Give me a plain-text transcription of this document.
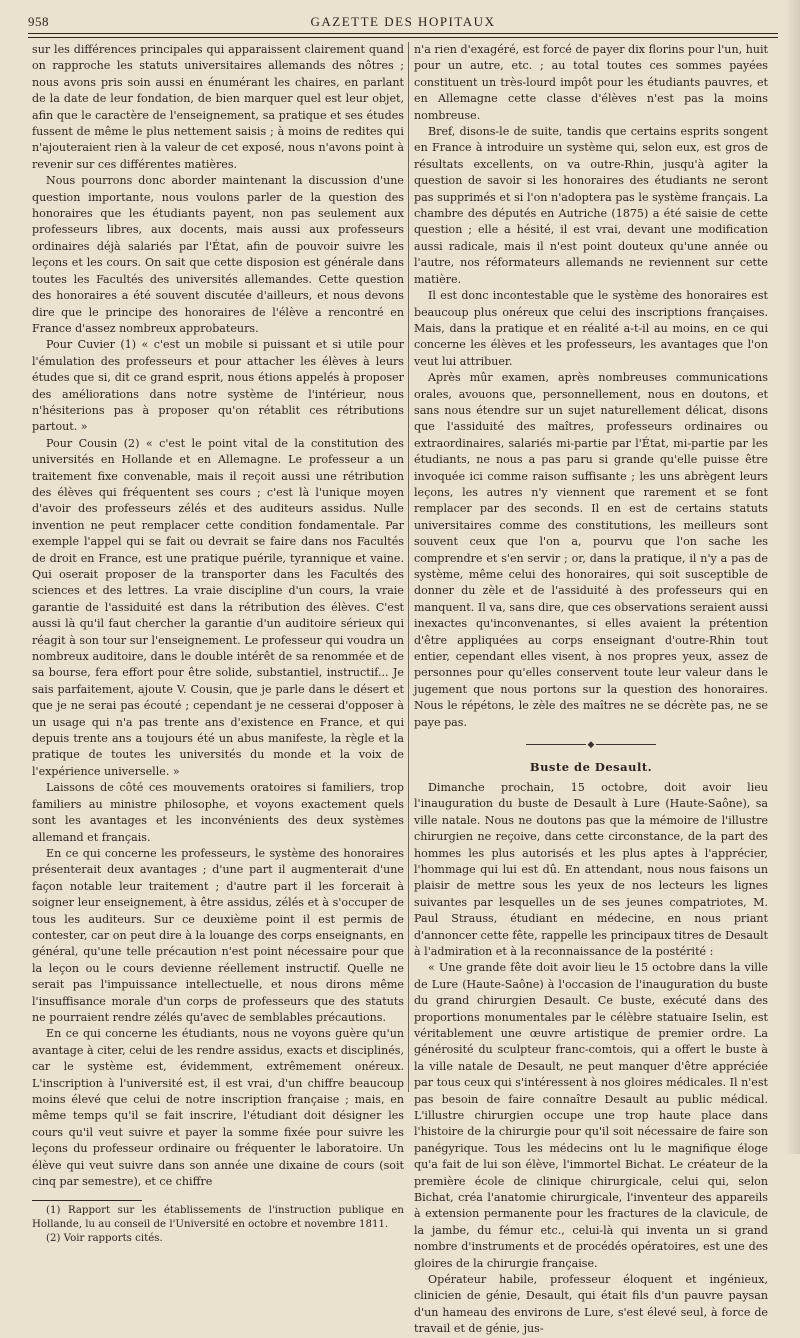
958	GAZETTE DES HOPITAUX

sur les différences principales qui apparaissent clairement quand on rapproche les statuts universitaires allemands des nôtres ; nous avons pris soin aussi en énumérant les chaires, en parlant de la date de leur fondation, de bien marquer quel est leur objet, afin que le caractère de l'enseignement, sa pratique et ses études fussent de même le plus nettement saisis ; à moins de redites qui n'ajouteraient rien à la valeur de cet exposé, nous n'avons point à revenir sur ces différentes matières.

Nous pourrons donc aborder maintenant la discussion d'une question importante, nous voulons parler de la question des honoraires que les étudiants payent, non pas seulement aux professeurs libres, aux docents, mais aussi aux professeurs ordinaires déjà salariés par l'État, afin de pouvoir suivre les leçons et les cours. On sait que cette disposion est générale dans toutes les Facultés des universités allemandes. Cette question des honoraires a été souvent discutée d'ailleurs, et nous devons dire que le principe des honoraires de l'élève a rencontré en France d'assez nombreux approbateurs.

Pour Cuvier (1) « c'est un mobile si puissant et si utile pour l'émulation des professeurs et pour attacher les élèves à leurs études que si, dit ce grand esprit, nous étions appelés à proposer des améliorations dans notre système de l'intérieur, nous n'hésiterions pas à proposer qu'on rétablit ces rétributions partout. »

Pour Cousin (2) « c'est le point vital de la constitution des universités en Hollande et en Allemagne. Le professeur a un traitement fixe convenable, mais il reçoit aussi une rétribution des élèves qui fréquentent ses cours ; c'est là l'unique moyen d'avoir des professeurs zélés et des auditeurs assidus. Nulle invention ne peut remplacer cette condition fondamentale. Par exemple l'appel qui se fait ou devrait se faire dans nos Facultés de droit en France, est une pratique puérile, tyrannique et vaine. Qui oserait proposer de la transporter dans les Facultés des sciences et des lettres. La vraie discipline d'un cours, la vraie garantie de l'assiduité est dans la rétribution des élèves. C'est aussi là qu'il faut chercher la garantie d'un auditoire sérieux qui réagit à son tour sur l'enseignement. Le professeur qui voudra un nombreux auditoire, dans le double intérêt de sa renommée et de sa bourse, fera effort pour être solide, substantiel, instructif... Je sais parfaitement, ajoute V. Cousin, que je parle dans le désert et que je ne serai pas écouté ; cependant je ne cesserai d'opposer à un usage qui n'a pas trente ans d'existence en France, et qui depuis trente ans a toujours été un abus manifeste, la règle et la pratique de toutes les universités du monde et la voix de l'expérience universelle. »

Laissons de côté ces mouvements oratoires si familiers, trop familiers au ministre philosophe, et voyons exactement quels sont les avantages et les inconvénients des deux systèmes allemand et français.

En ce qui concerne les professeurs, le système des honoraires présenterait deux avantages ; d'une part il augmenterait d'une façon notable leur traitement ; d'autre part il les forcerait à soigner leur enseignement, à être assidus, zélés et à s'occuper de tous les auditeurs. Sur ce deuxième point il est permis de contester, car on peut dire à la louange des corps enseignants, en général, qu'une telle précaution n'est point nécessaire pour que la leçon ou le cours devienne réellement instructif. Quelle ne serait pas l'impuissance intellectuelle, et nous dirons même l'insuffisance morale d'un corps de professeurs que des statuts ne pourraient rendre zélés qu'avec de semblables précautions.

En ce qui concerne les étudiants, nous ne voyons guère qu'un avantage à citer, celui de les rendre assidus, exacts et disciplinés, car le système est, évidemment, extrêmement onéreux. L'inscription à l'université est, il est vrai, d'un chiffre beaucoup moins élevé que celui de notre inscription française ; mais, en même temps qu'il se fait inscrire, l'étudiant doit désigner les cours qu'il veut suivre et payer la somme fixée pour suivre les leçons du professeur ordinaire ou fréquenter le laboratoire. Un élève qui veut suivre dans son année une dixaine de cours (soit cinq par semestre), et ce chiffre

(1) Rapport sur les établissements de l'instruction publique en Hollande, lu au conseil de l'Université en octobre et novembre 1811.

(2) Voir rapports cités.

n'a rien d'exagéré, est forcé de payer dix florins pour l'un, huit pour un autre, etc. ; au total toutes ces sommes payées constituent un très-lourd impôt pour les étudiants pauvres, et en Allemagne cette classe d'élèves n'est pas la moins nombreuse.

Bref, disons-le de suite, tandis que certains esprits songent en France à introduire un système qui, selon eux, est gros de résultats excellents, on va outre-Rhin, jusqu'à agiter la question de savoir si les honoraires des étudiants ne seront pas supprimés et si l'on n'adoptera pas le système français. La chambre des députés en Autriche (1875) a été saisie de cette question ; elle a hésité, il est vrai, devant une modification aussi radicale, mais il n'est point douteux qu'une année ou l'autre, nos réformateurs allemands ne reviennent sur cette matière.

Il est donc incontestable que le système des honoraires est beaucoup plus onéreux que celui des inscriptions françaises. Mais, dans la pratique et en réalité a-t-il au moins, en ce qui concerne les élèves et les professeurs, les avantages que l'on veut lui attribuer.

Après mûr examen, après nombreuses communications orales, avouons que, personnellement, nous en doutons, et sans nous étendre sur un sujet naturellement délicat, disons que l'assiduité des maîtres, professeurs ordinaires ou extraordinaires, salariés mi-partie par l'État, mi-partie par les étudiants, ne nous a pas paru si grande qu'elle puisse être invoquée ici comme raison suffisante ; les uns abrègent leurs leçons, les autres n'y viennent que rarement et se font remplacer par des seconds. Il en est de certains statuts universitaires comme des constitutions, les meilleurs sont souvent ceux que l'on a, pourvu que l'on sache les comprendre et s'en servir ; or, dans la pratique, il n'y a pas de système, même celui des honoraires, qui soit susceptible de donner du zèle et de l'assiduité à des professeurs qui en manquent. Il va, sans dire, que ces observations seraient aussi inexactes qu'inconvenantes, si elles avaient la prétention d'être appliquées au corps enseignant d'outre-Rhin tout entier, cependant elles visent, à nos propres yeux, assez de personnes pour qu'elles conservent toute leur valeur dans le jugement que nous portons sur la question des honoraires. Nous le répétons, le zèle des maîtres ne se décrète pas, ne se paye pas.

◆
Buste de Desault.

Dimanche prochain, 15 octobre, doit avoir lieu l'inauguration du buste de Desault à Lure (Haute-Saône), sa ville natale. Nous ne doutons pas que la mémoire de l'illustre chirurgien ne reçoive, dans cette circonstance, de la part des hommes les plus autorisés et les plus aptes à l'apprécier, l'hommage qui lui est dû. En attendant, nous nous faisons un plaisir de mettre sous les yeux de nos lecteurs les lignes suivantes par lesquelles un de ses jeunes compatriotes, M. Paul Strauss, étudiant en médecine, en nous priant d'annoncer cette fête, rappelle les principaux titres de Desault à l'admiration et à la reconnaissance de la postérité :

« Une grande fête doit avoir lieu le 15 octobre dans la ville de Lure (Haute-Saône) à l'occasion de l'inauguration du buste du grand chirurgien Desault. Ce buste, exécuté dans des proportions monumentales par le célèbre statuaire Iselin, est véritablement une œuvre artistique de premier ordre. La générosité du sculpteur franc-comtois, qui a offert le buste à la ville natale de Desault, ne peut manquer d'être appréciée par tous ceux qui s'intéressent à nos gloires médicales. Il n'est pas besoin de faire connaître Desault au public médical. L'illustre chirurgien occupe une trop haute place dans l'histoire de la chirurgie pour qu'il soit nécessaire de faire son panégyrique. Tous les médecins ont lu le magnifique éloge qu'a fait de lui son élève, l'immortel Bichat. Le créateur de la première école de clinique chirurgicale, celui qui, selon Bichat, créa l'anatomie chirurgicale, l'inventeur des appareils à extension permanente pour les fractures de la clavicule, de la jambe, du fémur etc., celui-là qui inventa un si grand nombre d'instruments et de procédés opératoires, est une des gloires de la chirurgie française.

Opérateur habile, professeur éloquent et ingénieux, clinicien de génie, Desault, qui était fils d'un pauvre paysan d'un hameau des environs de Lure, s'est élevé seul, à force de travail et de génie, jus-
